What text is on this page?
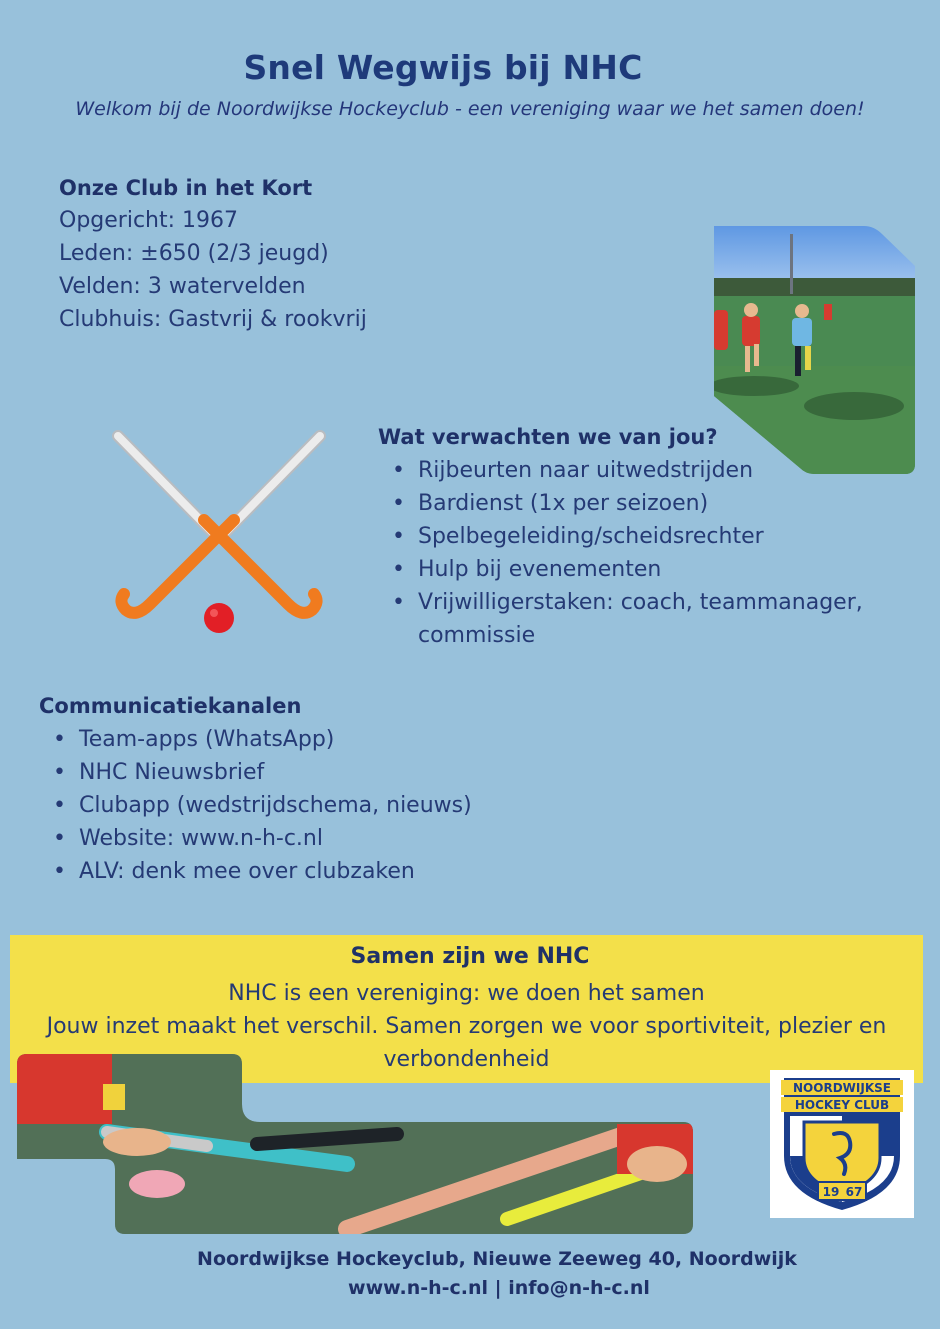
Snel Wegwijs bij NHC
Welkom bij de Noordwijkse Hockeyclub - een vereniging waar we het samen doen!
Onze Club in het Kort
Opgericht: 1967
Leden: ±650 (2/3 jeugd)
Velden: 3 watervelden
Clubhuis: Gastvrij & rookvrij
Wat verwachten we van jou?
• Rijbeurten naar uitwedstrijden
• Bardienst (1x per seizoen)
• Spelbegeleiding/scheidsrechter
• Hulp bij evenementen
• Vrijwilligerstaken: coach, teammanager, commissie
Communicatiekanalen
• Team-apps (WhatsApp)
• NHC Nieuwsbrief
• Clubapp (wedstrijdschema, nieuws)
• Website: www.n-h-c.nl
• ALV: denk mee over clubzaken
Samen zijn we NHC
NHC is een vereniging: we doen het samen
Jouw inzet maakt het verschil. Samen zorgen we voor sportiviteit, plezier en verbondenheid
NOORDWIJKSE
HOCKEY CLUB
19 67
Noordwijkse Hockeyclub, Nieuwe Zeeweg 40, Noordwijk
www.n-h-c.nl | info@n-h-c.nl
